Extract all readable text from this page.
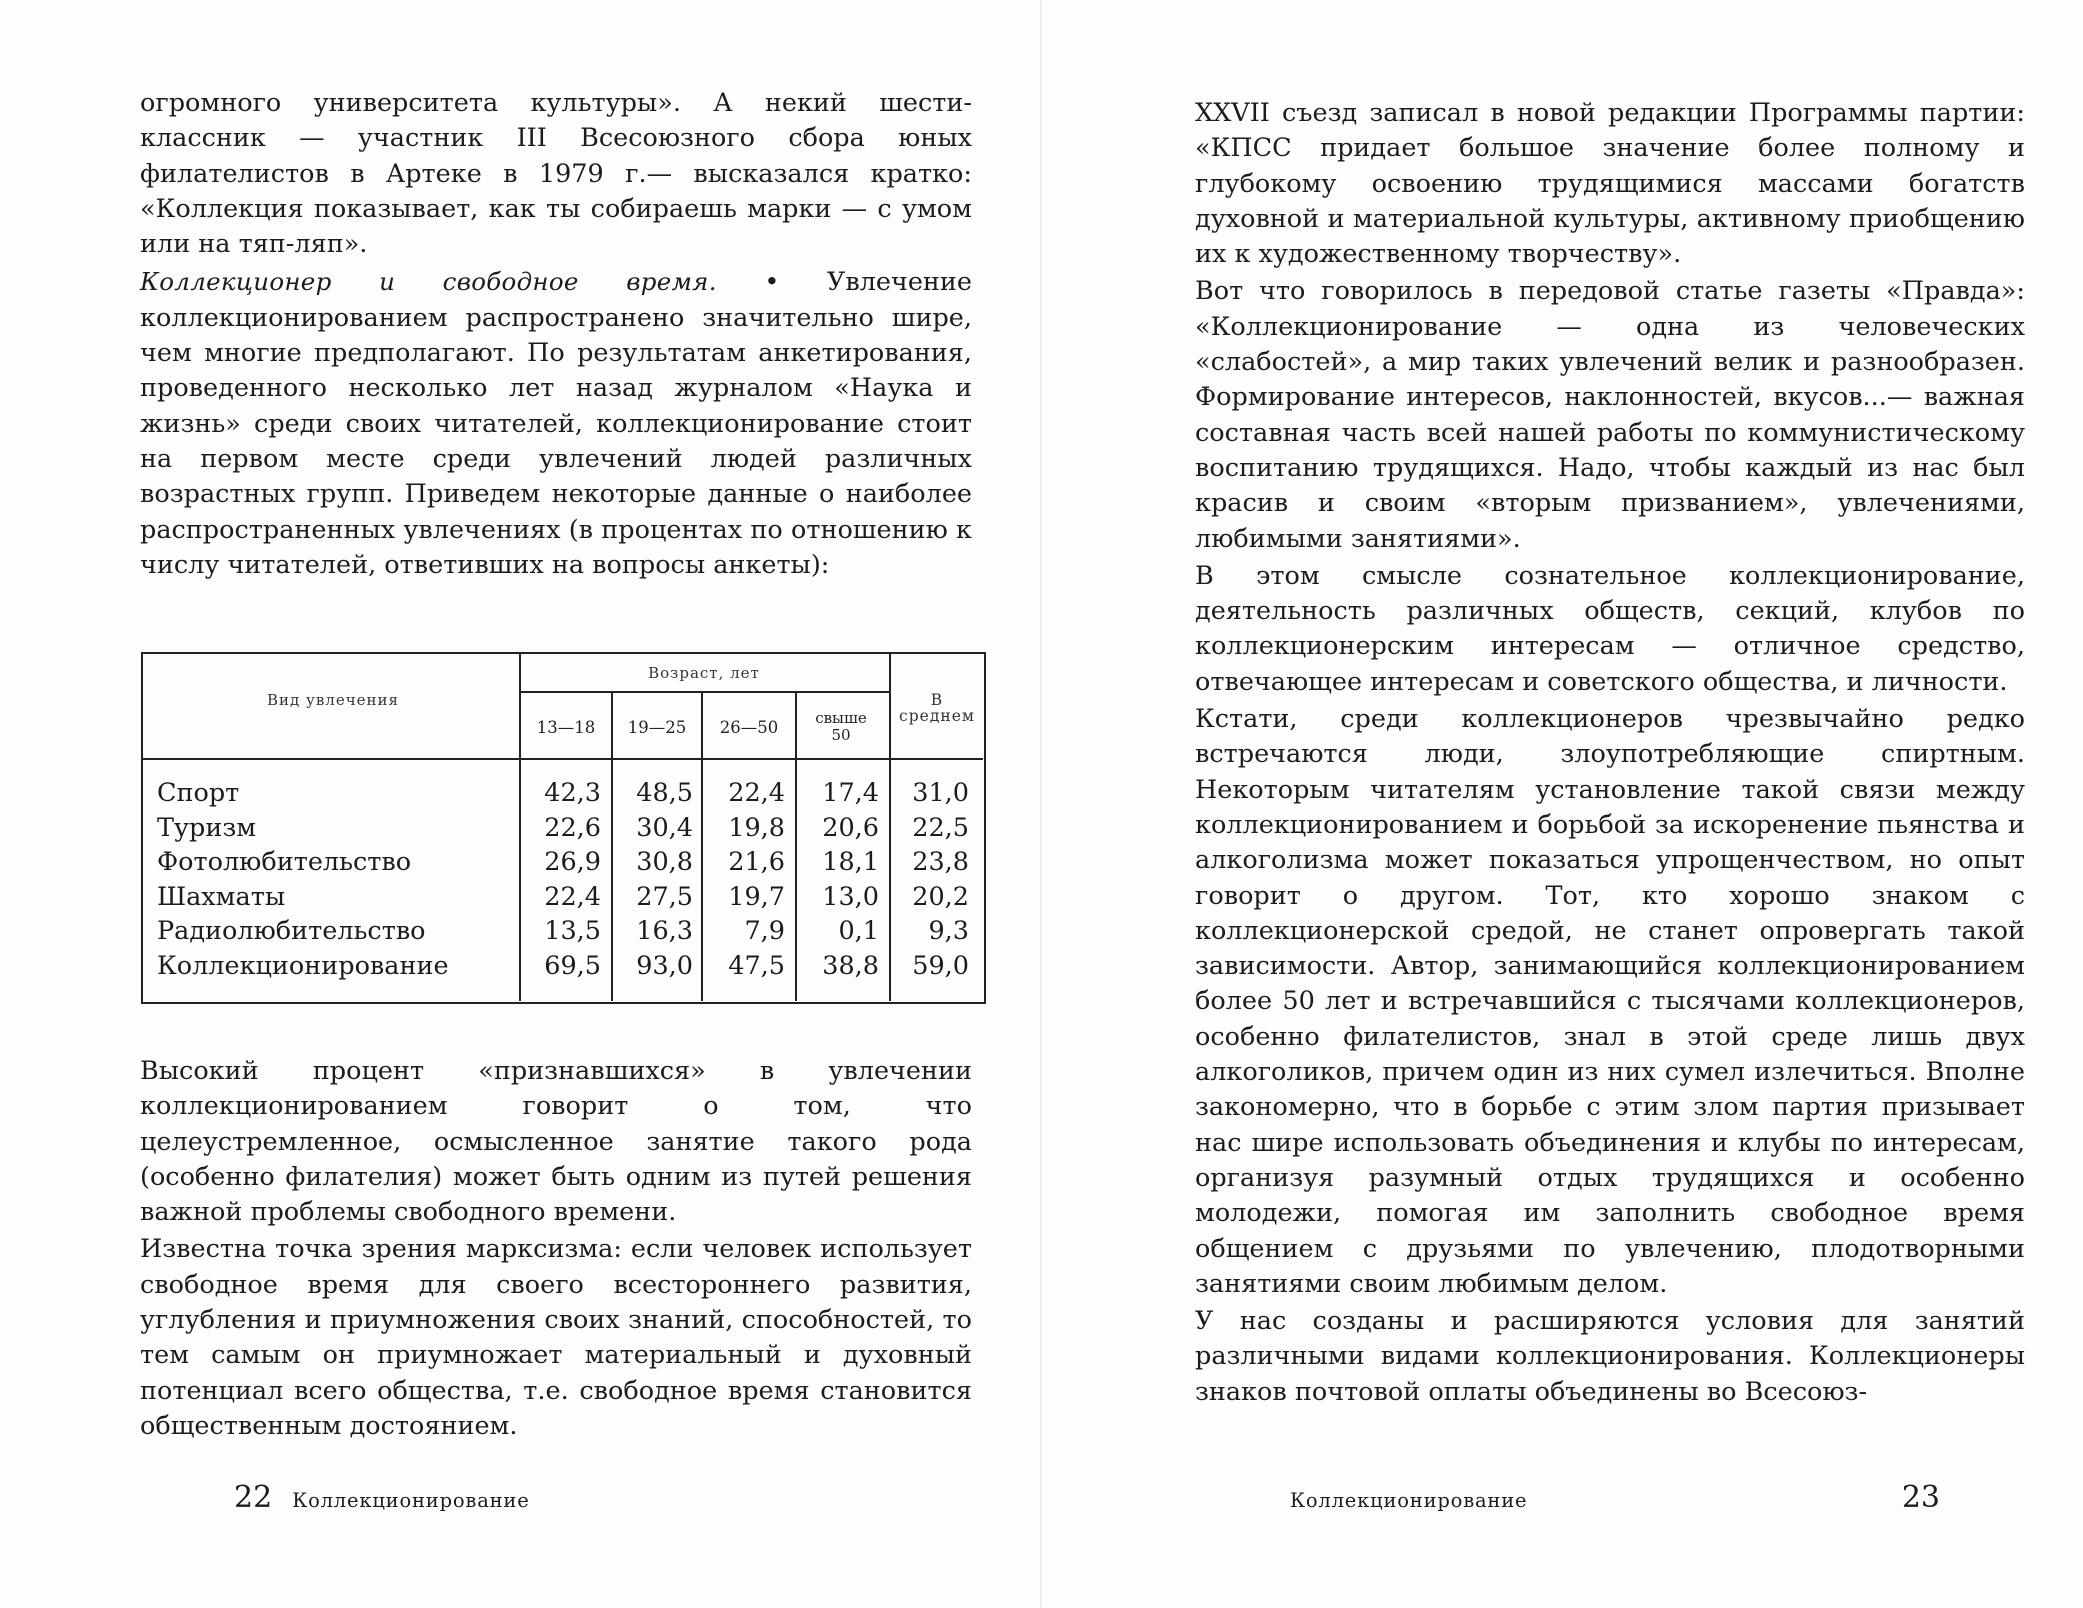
огромного университета культуры». А некий шести-классник — участник III Всесоюзного сбора юных филателистов в Артеке в 1979 г.— высказался кратко: «Коллекция показывает, как ты собираешь марки — с умом или на тяп-ляп».

Коллекционер и свободное время. • Увлечение коллекционированием распространено значительно шире, чем многие предполагают. По результатам анкетирования, проведенного несколько лет назад журналом «Наука и жизнь» среди своих читателей, коллекционирование стоит на первом месте среди увлечений людей различных возрастных групп. Приведем некоторые данные о наиболее распространенных увлечениях (в процентах по отношению к числу читателей, ответивших на вопросы анкеты):

Вид увлечения
Возраст, лет
В среднем
13—18	19—25	26—50	свыше 50
Спорт	42,3	48,5	22,4	17,4	31,0
Туризм	22,6	30,4	19,8	20,6	22,5
Фотолюбительство	26,9	30,8	21,6	18,1	23,8
Шахматы	22,4	27,5	19,7	13,0	20,2
Радиолюбительство	13,5	16,3	7,9	0,1	9,3
Коллекционирование	69,5	93,0	47,5	38,8	59,0

Высокий процент «признавшихся» в увлечении коллекционированием говорит о том, что целеустремленное, осмысленное занятие такого рода (особенно филателия) может быть одним из путей решения важной проблемы свободного времени.

Известна точка зрения марксизма: если человек использует свободное время для своего всестороннего развития, углубления и приумножения своих знаний, способностей, то тем самым он приумножает материальный и духовный потенциал всего общества, т.е. свободное время становится общественным достоянием.

22 Коллекционирование

XXVII съезд записал в новой редакции Программы партии: «КПСС придает большое значение более полному и глубокому освоению трудящимися массами богатств духовной и материальной культуры, активному приобщению их к художественному творчеству».

Вот что говорилось в передовой статье газеты «Правда»: «Коллекционирование — одна из человеческих «слабостей», а мир таких увлечений велик и разнообразен. Формирование интересов, наклонностей, вкусов...— важная составная часть всей нашей работы по коммунистическому воспитанию трудящихся. Надо, чтобы каждый из нас был красив и своим «вторым призванием», увлечениями, любимыми занятиями».

В этом смысле сознательное коллекционирование, деятельность различных обществ, секций, клубов по коллекционерским интересам — отличное средство, отвечающее интересам и советского общества, и личности.

Кстати, среди коллекционеров чрезвычайно редко встречаются люди, злоупотребляющие спиртным. Некоторым читателям установление такой связи между коллекционированием и борьбой за искоренение пьянства и алкоголизма может показаться упрощенчеством, но опыт говорит о другом. Тот, кто хорошо знаком с коллекционерской средой, не станет опровергать такой зависимости. Автор, занимающийся коллекционированием более 50 лет и встречавшийся с тысячами коллекционеров, особенно филателистов, знал в этой среде лишь двух алкоголиков, причем один из них сумел излечиться. Вполне закономерно, что в борьбе с этим злом партия призывает нас шире использовать объединения и клубы по интересам, организуя разумный отдых трудящихся и особенно молодежи, помогая им заполнить свободное время общением с друзьями по увлечению, плодотворными занятиями своим любимым делом.

У нас созданы и расширяются условия для занятий различными видами коллекционирования. Коллекционеры знаков почтовой оплаты объединены во Всесоюз-

Коллекционирование	23
